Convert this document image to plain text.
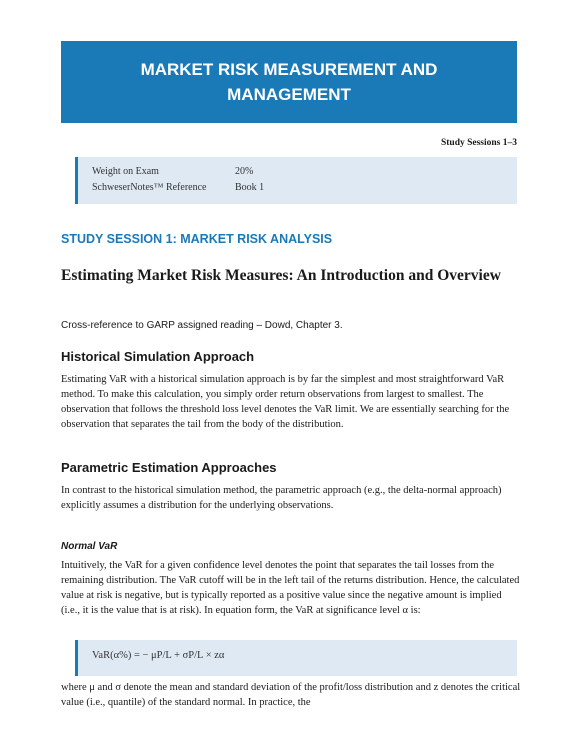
MARKET RISK MEASUREMENT AND MANAGEMENT
Study Sessions 1–3
Weight on Exam	20%
SchweserNotes™ Reference	Book 1
STUDY SESSION 1: MARKET RISK ANALYSIS
Estimating Market Risk Measures: An Introduction and Overview
Cross-reference to GARP assigned reading – Dowd, Chapter 3.
Historical Simulation Approach
Estimating VaR with a historical simulation approach is by far the simplest and most straightforward VaR method. To make this calculation, you simply order return observations from largest to smallest. The observation that follows the threshold loss level denotes the VaR limit. We are essentially searching for the observation that separates the tail from the body of the distribution.
Parametric Estimation Approaches
In contrast to the historical simulation method, the parametric approach (e.g., the delta-normal approach) explicitly assumes a distribution for the underlying observations.
Normal VaR
Intuitively, the VaR for a given confidence level denotes the point that separates the tail losses from the remaining distribution. The VaR cutoff will be in the left tail of the returns distribution. Hence, the calculated value at risk is negative, but is typically reported as a positive value since the negative amount is implied (i.e., it is the value that is at risk). In equation form, the VaR at significance level α is:
VaR(α%) = − μP/L + σP/L × zα
where μ and σ denote the mean and standard deviation of the profit/loss distribution and z denotes the critical value (i.e., quantile) of the standard normal. In practice, the
